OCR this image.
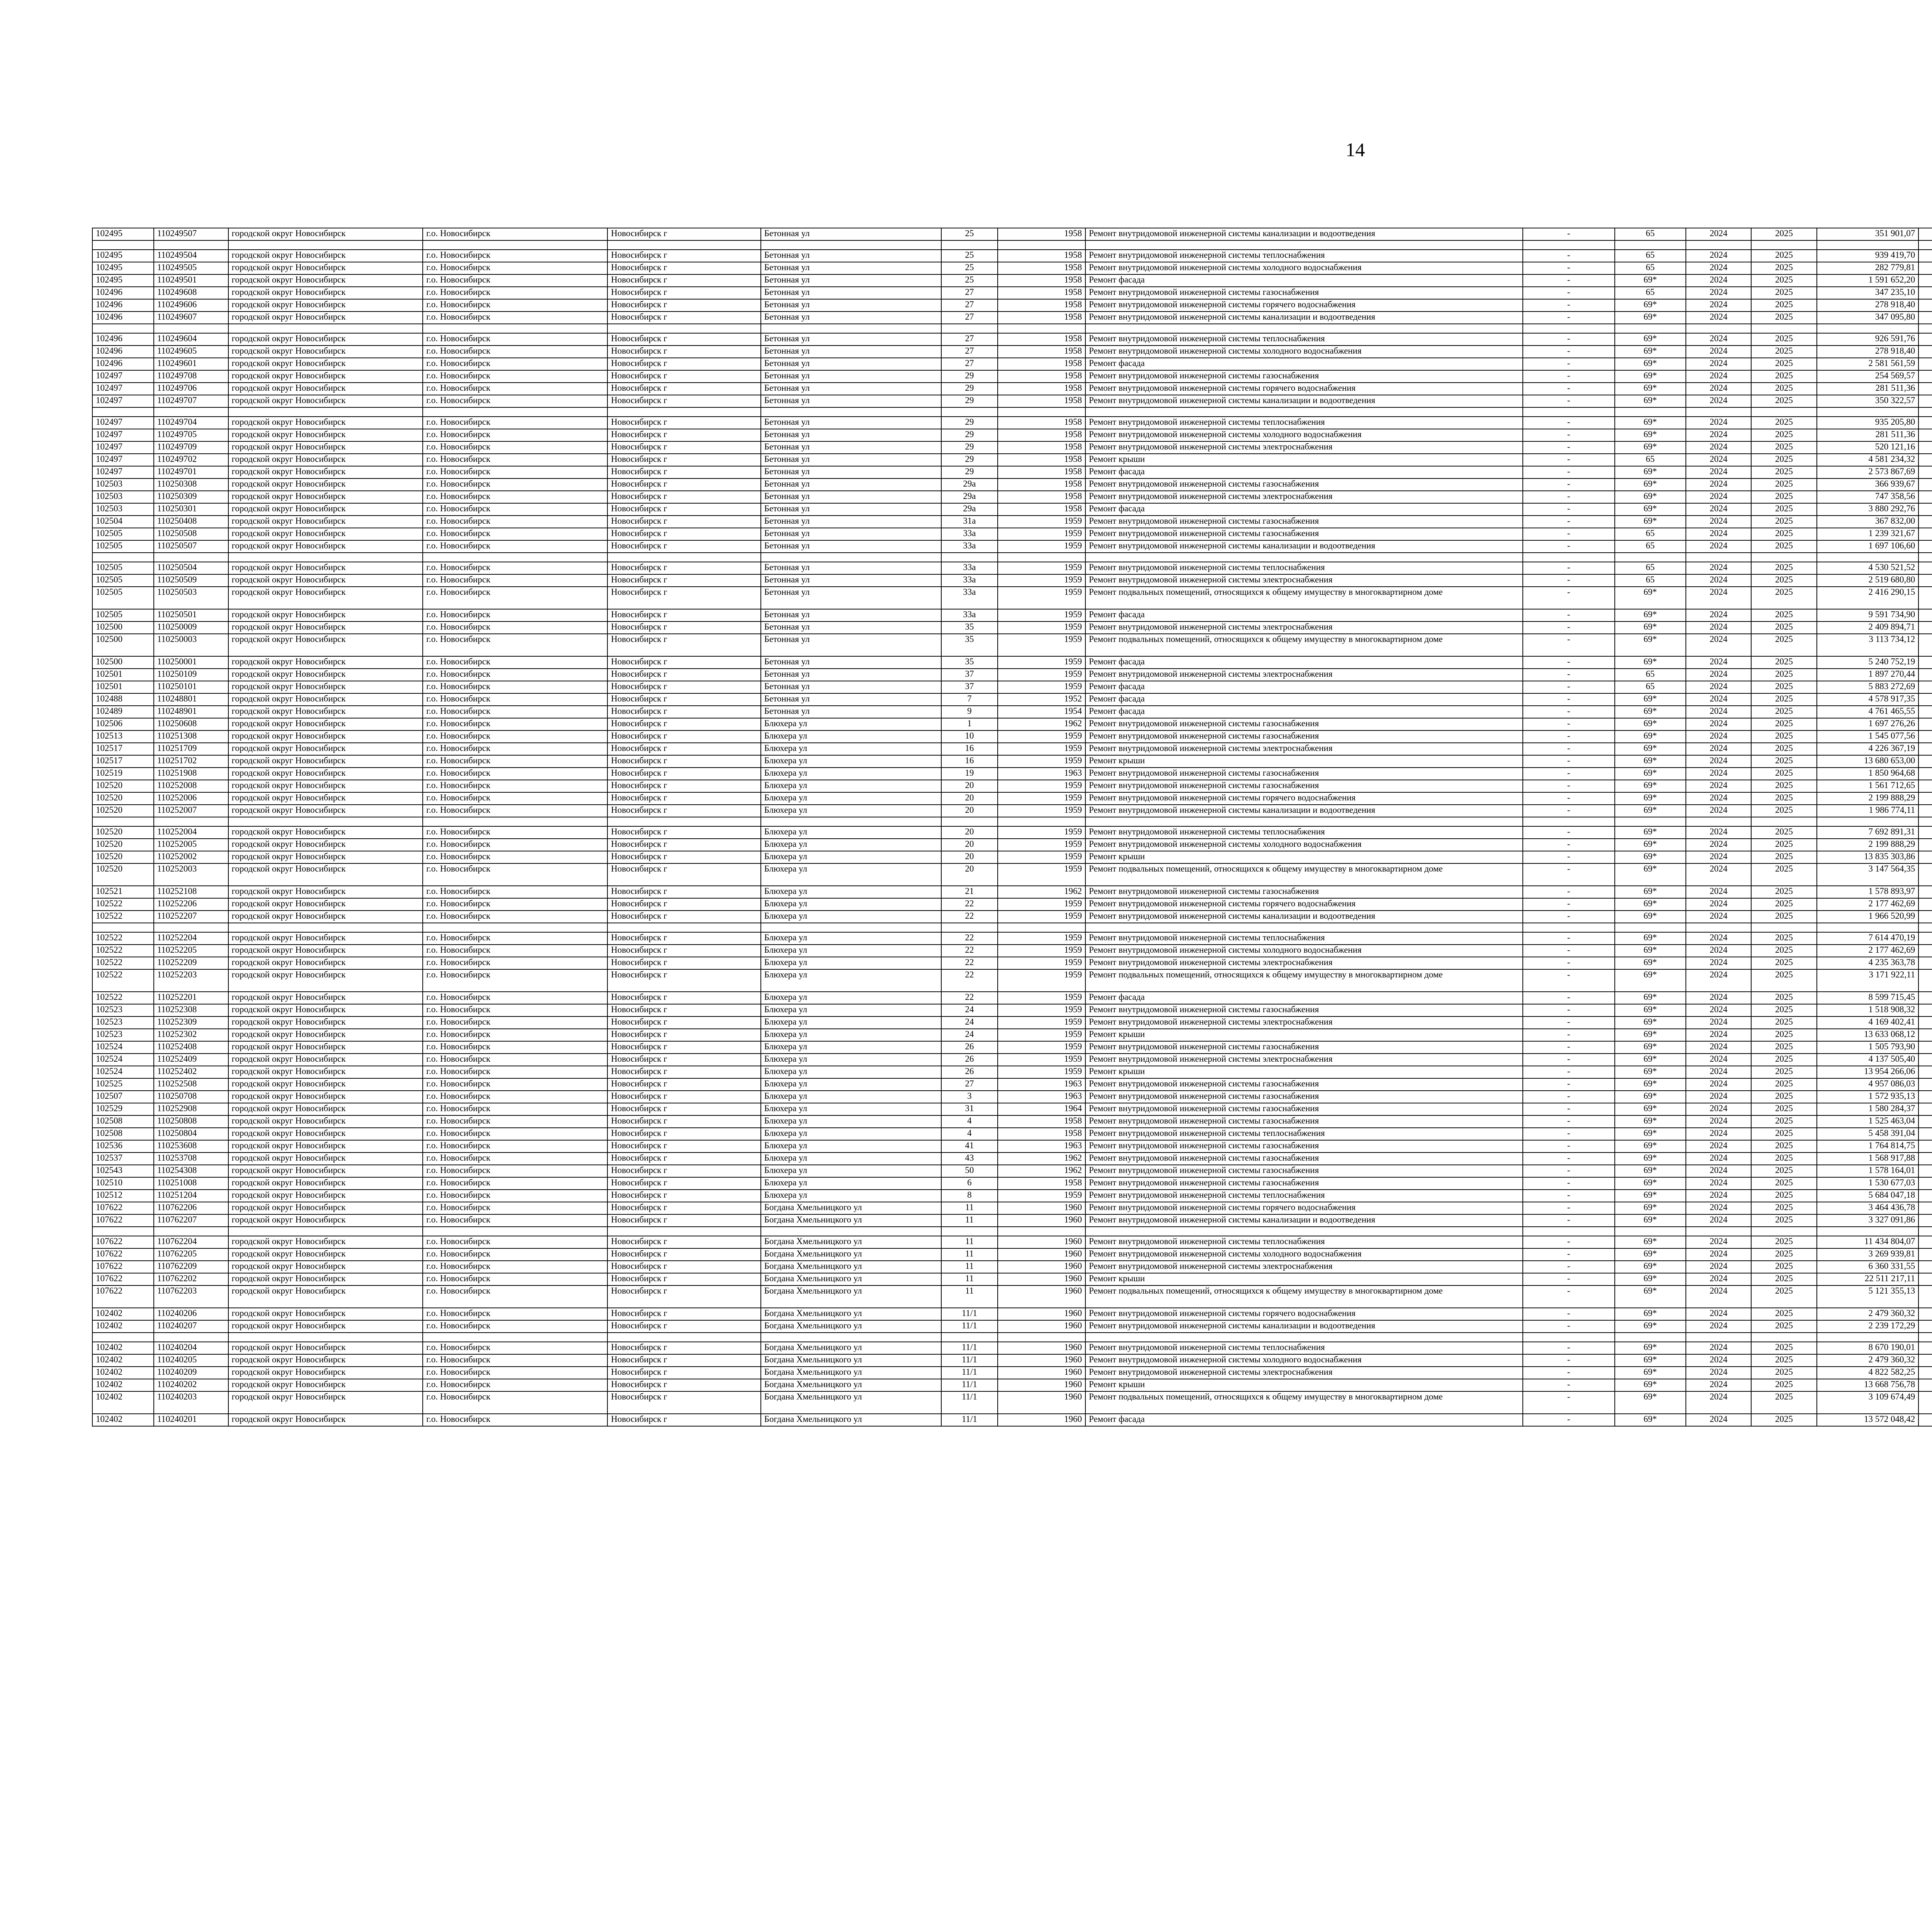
14
102495	110249507	городской округ Новосибирск	г.о. Новосибирск	Новосибирск г	Бетонная ул	25	1958	Ремонт внутридомовой инженерной системы канализации и водоотведения	-	65	2024	2025	351 901,07						

102495	110249504	городской округ Новосибирск	г.о. Новосибирск	Новосибирск г	Бетонная ул	25	1958	Ремонт внутридомовой инженерной системы теплоснабжения	-	65	2024	2025	939 419,70						
102495	110249505	городской округ Новосибирск	г.о. Новосибирск	Новосибирск г	Бетонная ул	25	1958	Ремонт внутридомовой инженерной системы холодного водоснабжения	-	65	2024	2025	282 779,81						
102495	110249501	городской округ Новосибирск	г.о. Новосибирск	Новосибирск г	Бетонная ул	25	1958	Ремонт фасада	-	69*	2024	2025	1 591 652,20						
102496	110249608	городской округ Новосибирск	г.о. Новосибирск	Новосибирск г	Бетонная ул	27	1958	Ремонт внутридомовой инженерной системы газоснабжения	-	65	2024	2025	347 235,10						
102496	110249606	городской округ Новосибирск	г.о. Новосибирск	Новосибирск г	Бетонная ул	27	1958	Ремонт внутридомовой инженерной системы горячего водоснабжения	-	69*	2024	2025	278 918,40						
102496	110249607	городской округ Новосибирск	г.о. Новосибирск	Новосибирск г	Бетонная ул	27	1958	Ремонт внутридомовой инженерной системы канализации и водоотведения	-	69*	2024	2025	347 095,80						

102496	110249604	городской округ Новосибирск	г.о. Новосибирск	Новосибирск г	Бетонная ул	27	1958	Ремонт внутридомовой инженерной системы теплоснабжения	-	69*	2024	2025	926 591,76						
102496	110249605	городской округ Новосибирск	г.о. Новосибирск	Новосибирск г	Бетонная ул	27	1958	Ремонт внутридомовой инженерной системы холодного водоснабжения	-	69*	2024	2025	278 918,40						
102496	110249601	городской округ Новосибирск	г.о. Новосибирск	Новосибирск г	Бетонная ул	27	1958	Ремонт фасада	-	69*	2024	2025	2 581 561,59						
102497	110249708	городской округ Новосибирск	г.о. Новосибирск	Новосибирск г	Бетонная ул	29	1958	Ремонт внутридомовой инженерной системы газоснабжения	-	69*	2024	2025	254 569,57						
102497	110249706	городской округ Новосибирск	г.о. Новосибирск	Новосибирск г	Бетонная ул	29	1958	Ремонт внутридомовой инженерной системы горячего водоснабжения	-	69*	2024	2025	281 511,36						
102497	110249707	городской округ Новосибирск	г.о. Новосибирск	Новосибирск г	Бетонная ул	29	1958	Ремонт внутридомовой инженерной системы канализации и водоотведения	-	69*	2024	2025	350 322,57						

102497	110249704	городской округ Новосибирск	г.о. Новосибирск	Новосибирск г	Бетонная ул	29	1958	Ремонт внутридомовой инженерной системы теплоснабжения	-	69*	2024	2025	935 205,80						
102497	110249705	городской округ Новосибирск	г.о. Новосибирск	Новосибирск г	Бетонная ул	29	1958	Ремонт внутридомовой инженерной системы холодного водоснабжения	-	69*	2024	2025	281 511,36						
102497	110249709	городской округ Новосибирск	г.о. Новосибирск	Новосибирск г	Бетонная ул	29	1958	Ремонт внутридомовой инженерной системы электроснабжения	-	69*	2024	2025	520 121,16						
102497	110249702	городской округ Новосибирск	г.о. Новосибирск	Новосибирск г	Бетонная ул	29	1958	Ремонт крыши	-	65	2024	2025	4 581 234,32						
102497	110249701	городской округ Новосибирск	г.о. Новосибирск	Новосибирск г	Бетонная ул	29	1958	Ремонт фасада	-	69*	2024	2025	2 573 867,69						
102503	110250308	городской округ Новосибирск	г.о. Новосибирск	Новосибирск г	Бетонная ул	29а	1958	Ремонт внутридомовой инженерной системы газоснабжения	-	69*	2024	2025	366 939,67						
102503	110250309	городской округ Новосибирск	г.о. Новосибирск	Новосибирск г	Бетонная ул	29а	1958	Ремонт внутридомовой инженерной системы электроснабжения	-	69*	2024	2025	747 358,56						
102503	110250301	городской округ Новосибирск	г.о. Новосибирск	Новосибирск г	Бетонная ул	29а	1958	Ремонт фасада	-	69*	2024	2025	3 880 292,76						
102504	110250408	городской округ Новосибирск	г.о. Новосибирск	Новосибирск г	Бетонная ул	31а	1959	Ремонт внутридомовой инженерной системы газоснабжения	-	69*	2024	2025	367 832,00						
102505	110250508	городской округ Новосибирск	г.о. Новосибирск	Новосибирск г	Бетонная ул	33а	1959	Ремонт внутридомовой инженерной системы газоснабжения	-	65	2024	2025	1 239 321,67						
102505	110250507	городской округ Новосибирск	г.о. Новосибирск	Новосибирск г	Бетонная ул	33а	1959	Ремонт внутридомовой инженерной системы канализации и водоотведения	-	65	2024	2025	1 697 106,60						

102505	110250504	городской округ Новосибирск	г.о. Новосибирск	Новосибирск г	Бетонная ул	33а	1959	Ремонт внутридомовой инженерной системы теплоснабжения	-	65	2024	2025	4 530 521,52						
102505	110250509	городской округ Новосибирск	г.о. Новосибирск	Новосибирск г	Бетонная ул	33а	1959	Ремонт внутридомовой инженерной системы электроснабжения	-	65	2024	2025	2 519 680,80						
102505	110250503	городской округ Новосибирск	г.о. Новосибирск	Новосибирск г	Бетонная ул	33а	1959	Ремонт подвальных помещений, относящихся к общему имуществу в многоквартирном доме	-	69*	2024	2025	2 416 290,15						
102505	110250501	городской округ Новосибирск	г.о. Новосибирск	Новосибирск г	Бетонная ул	33а	1959	Ремонт фасада	-	69*	2024	2025	9 591 734,90						
102500	110250009	городской округ Новосибирск	г.о. Новосибирск	Новосибирск г	Бетонная ул	35	1959	Ремонт внутридомовой инженерной системы электроснабжения	-	69*	2024	2025	2 409 894,71						
102500	110250003	городской округ Новосибирск	г.о. Новосибирск	Новосибирск г	Бетонная ул	35	1959	Ремонт подвальных помещений, относящихся к общему имуществу в многоквартирном доме	-	69*	2024	2025	3 113 734,12						
102500	110250001	городской округ Новосибирск	г.о. Новосибирск	Новосибирск г	Бетонная ул	35	1959	Ремонт фасада	-	69*	2024	2025	5 240 752,19						
102501	110250109	городской округ Новосибирск	г.о. Новосибирск	Новосибирск г	Бетонная ул	37	1959	Ремонт внутридомовой инженерной системы электроснабжения	-	65	2024	2025	1 897 270,44						
102501	110250101	городской округ Новосибирск	г.о. Новосибирск	Новосибирск г	Бетонная ул	37	1959	Ремонт фасада	-	65	2024	2025	5 883 272,69						
102488	110248801	городской округ Новосибирск	г.о. Новосибирск	Новосибирск г	Бетонная ул	7	1952	Ремонт фасада	-	69*	2024	2025	4 578 917,35						
102489	110248901	городской округ Новосибирск	г.о. Новосибирск	Новосибирск г	Бетонная ул	9	1954	Ремонт фасада	-	69*	2024	2025	4 761 465,55						
102506	110250608	городской округ Новосибирск	г.о. Новосибирск	Новосибирск г	Блюхера ул	1	1962	Ремонт внутридомовой инженерной системы газоснабжения	-	69*	2024	2025	1 697 276,26						
102513	110251308	городской округ Новосибирск	г.о. Новосибирск	Новосибирск г	Блюхера ул	10	1959	Ремонт внутридомовой инженерной системы газоснабжения	-	69*	2024	2025	1 545 077,56						
102517	110251709	городской округ Новосибирск	г.о. Новосибирск	Новосибирск г	Блюхера ул	16	1959	Ремонт внутридомовой инженерной системы электроснабжения	-	69*	2024	2025	4 226 367,19						
102517	110251702	городской округ Новосибирск	г.о. Новосибирск	Новосибирск г	Блюхера ул	16	1959	Ремонт крыши	-	69*	2024	2025	13 680 653,00						
102519	110251908	городской округ Новосибирск	г.о. Новосибирск	Новосибирск г	Блюхера ул	19	1963	Ремонт внутридомовой инженерной системы газоснабжения	-	69*	2024	2025	1 850 964,68						
102520	110252008	городской округ Новосибирск	г.о. Новосибирск	Новосибирск г	Блюхера ул	20	1959	Ремонт внутридомовой инженерной системы газоснабжения	-	69*	2024	2025	1 561 712,65						
102520	110252006	городской округ Новосибирск	г.о. Новосибирск	Новосибирск г	Блюхера ул	20	1959	Ремонт внутридомовой инженерной системы горячего водоснабжения	-	69*	2024	2025	2 199 888,29						
102520	110252007	городской округ Новосибирск	г.о. Новосибирск	Новосибирск г	Блюхера ул	20	1959	Ремонт внутридомовой инженерной системы канализации и водоотведения	-	69*	2024	2025	1 986 774,11						

102520	110252004	городской округ Новосибирск	г.о. Новосибирск	Новосибирск г	Блюхера ул	20	1959	Ремонт внутридомовой инженерной системы теплоснабжения	-	69*	2024	2025	7 692 891,31						
102520	110252005	городской округ Новосибирск	г.о. Новосибирск	Новосибирск г	Блюхера ул	20	1959	Ремонт внутридомовой инженерной системы холодного водоснабжения	-	69*	2024	2025	2 199 888,29						
102520	110252002	городской округ Новосибирск	г.о. Новосибирск	Новосибирск г	Блюхера ул	20	1959	Ремонт крыши	-	69*	2024	2025	13 835 303,86						
102520	110252003	городской округ Новосибирск	г.о. Новосибирск	Новосибирск г	Блюхера ул	20	1959	Ремонт подвальных помещений, относящихся к общему имуществу в многоквартирном доме	-	69*	2024	2025	3 147 564,35						
102521	110252108	городской округ Новосибирск	г.о. Новосибирск	Новосибирск г	Блюхера ул	21	1962	Ремонт внутридомовой инженерной системы газоснабжения	-	69*	2024	2025	1 578 893,97						
102522	110252206	городской округ Новосибирск	г.о. Новосибирск	Новосибирск г	Блюхера ул	22	1959	Ремонт внутридомовой инженерной системы горячего водоснабжения	-	69*	2024	2025	2 177 462,69						
102522	110252207	городской округ Новосибирск	г.о. Новосибирск	Новосибирск г	Блюхера ул	22	1959	Ремонт внутридомовой инженерной системы канализации и водоотведения	-	69*	2024	2025	1 966 520,99						

102522	110252204	городской округ Новосибирск	г.о. Новосибирск	Новосибирск г	Блюхера ул	22	1959	Ремонт внутридомовой инженерной системы теплоснабжения	-	69*	2024	2025	7 614 470,19						
102522	110252205	городской округ Новосибирск	г.о. Новосибирск	Новосибирск г	Блюхера ул	22	1959	Ремонт внутридомовой инженерной системы холодного водоснабжения	-	69*	2024	2025	2 177 462,69						
102522	110252209	городской округ Новосибирск	г.о. Новосибирск	Новосибирск г	Блюхера ул	22	1959	Ремонт внутридомовой инженерной системы электроснабжения	-	69*	2024	2025	4 235 363,78						
102522	110252203	городской округ Новосибирск	г.о. Новосибирск	Новосибирск г	Блюхера ул	22	1959	Ремонт подвальных помещений, относящихся к общему имуществу в многоквартирном доме	-	69*	2024	2025	3 171 922,11						
102522	110252201	городской округ Новосибирск	г.о. Новосибирск	Новосибирск г	Блюхера ул	22	1959	Ремонт фасада	-	69*	2024	2025	8 599 715,45						
102523	110252308	городской округ Новосибирск	г.о. Новосибирск	Новосибирск г	Блюхера ул	24	1959	Ремонт внутридомовой инженерной системы газоснабжения	-	69*	2024	2025	1 518 908,32						
102523	110252309	городской округ Новосибирск	г.о. Новосибирск	Новосибирск г	Блюхера ул	24	1959	Ремонт внутридомовой инженерной системы электроснабжения	-	69*	2024	2025	4 169 402,41						
102523	110252302	городской округ Новосибирск	г.о. Новосибирск	Новосибирск г	Блюхера ул	24	1959	Ремонт крыши	-	69*	2024	2025	13 633 068,12						
102524	110252408	городской округ Новосибирск	г.о. Новосибирск	Новосибирск г	Блюхера ул	26	1959	Ремонт внутридомовой инженерной системы газоснабжения	-	69*	2024	2025	1 505 793,90						
102524	110252409	городской округ Новосибирск	г.о. Новосибирск	Новосибирск г	Блюхера ул	26	1959	Ремонт внутридомовой инженерной системы электроснабжения	-	69*	2024	2025	4 137 505,40						
102524	110252402	городской округ Новосибирск	г.о. Новосибирск	Новосибирск г	Блюхера ул	26	1959	Ремонт крыши	-	69*	2024	2025	13 954 266,06						
102525	110252508	городской округ Новосибирск	г.о. Новосибирск	Новосибирск г	Блюхера ул	27	1963	Ремонт внутридомовой инженерной системы газоснабжения	-	69*	2024	2025	4 957 086,03						
102507	110250708	городской округ Новосибирск	г.о. Новосибирск	Новосибирск г	Блюхера ул	3	1963	Ремонт внутридомовой инженерной системы газоснабжения	-	69*	2024	2025	1 572 935,13						
102529	110252908	городской округ Новосибирск	г.о. Новосибирск	Новосибирск г	Блюхера ул	31	1964	Ремонт внутридомовой инженерной системы газоснабжения	-	69*	2024	2025	1 580 284,37						
102508	110250808	городской округ Новосибирск	г.о. Новосибирск	Новосибирск г	Блюхера ул	4	1958	Ремонт внутридомовой инженерной системы газоснабжения	-	69*	2024	2025	1 525 463,04						
102508	110250804	городской округ Новосибирск	г.о. Новосибирск	Новосибирск г	Блюхера ул	4	1958	Ремонт внутридомовой инженерной системы теплоснабжения	-	69*	2024	2025	5 458 391,04						
102536	110253608	городской округ Новосибирск	г.о. Новосибирск	Новосибирск г	Блюхера ул	41	1963	Ремонт внутридомовой инженерной системы газоснабжения	-	69*	2024	2025	1 764 814,75						
102537	110253708	городской округ Новосибирск	г.о. Новосибирск	Новосибирск г	Блюхера ул	43	1962	Ремонт внутридомовой инженерной системы газоснабжения	-	69*	2024	2025	1 568 917,88						
102543	110254308	городской округ Новосибирск	г.о. Новосибирск	Новосибирск г	Блюхера ул	50	1962	Ремонт внутридомовой инженерной системы газоснабжения	-	69*	2024	2025	1 578 164,01						
102510	110251008	городской округ Новосибирск	г.о. Новосибирск	Новосибирск г	Блюхера ул	6	1958	Ремонт внутридомовой инженерной системы газоснабжения	-	69*	2024	2025	1 530 677,03						
102512	110251204	городской округ Новосибирск	г.о. Новосибирск	Новосибирск г	Блюхера ул	8	1959	Ремонт внутридомовой инженерной системы теплоснабжения	-	69*	2024	2025	5 684 047,18						
107622	110762206	городской округ Новосибирск	г.о. Новосибирск	Новосибирск г	Богдана Хмельницкого ул	11	1960	Ремонт внутридомовой инженерной системы горячего водоснабжения	-	69*	2024	2025	3 464 436,78						
107622	110762207	городской округ Новосибирск	г.о. Новосибирск	Новосибирск г	Богдана Хмельницкого ул	11	1960	Ремонт внутридомовой инженерной системы канализации и водоотведения	-	69*	2024	2025	3 327 091,86						

107622	110762204	городской округ Новосибирск	г.о. Новосибирск	Новосибирск г	Богдана Хмельницкого ул	11	1960	Ремонт внутридомовой инженерной системы теплоснабжения	-	69*	2024	2025	11 434 804,07						
107622	110762205	городской округ Новосибирск	г.о. Новосибирск	Новосибирск г	Богдана Хмельницкого ул	11	1960	Ремонт внутридомовой инженерной системы холодного водоснабжения	-	69*	2024	2025	3 269 939,81						
107622	110762209	городской округ Новосибирск	г.о. Новосибирск	Новосибирск г	Богдана Хмельницкого ул	11	1960	Ремонт внутридомовой инженерной системы электроснабжения	-	69*	2024	2025	6 360 331,55						
107622	110762202	городской округ Новосибирск	г.о. Новосибирск	Новосибирск г	Богдана Хмельницкого ул	11	1960	Ремонт крыши	-	69*	2024	2025	22 511 217,11						
107622	110762203	городской округ Новосибирск	г.о. Новосибирск	Новосибирск г	Богдана Хмельницкого ул	11	1960	Ремонт подвальных помещений, относящихся к общему имуществу в многоквартирном доме	-	69*	2024	2025	5 121 355,13						
102402	110240206	городской округ Новосибирск	г.о. Новосибирск	Новосибирск г	Богдана Хмельницкого ул	11/1	1960	Ремонт внутридомовой инженерной системы горячего водоснабжения	-	69*	2024	2025	2 479 360,32						
102402	110240207	городской округ Новосибирск	г.о. Новосибирск	Новосибирск г	Богдана Хмельницкого ул	11/1	1960	Ремонт внутридомовой инженерной системы канализации и водоотведения	-	69*	2024	2025	2 239 172,29						

102402	110240204	городской округ Новосибирск	г.о. Новосибирск	Новосибирск г	Богдана Хмельницкого ул	11/1	1960	Ремонт внутридомовой инженерной системы теплоснабжения	-	69*	2024	2025	8 670 190,01						
102402	110240205	городской округ Новосибирск	г.о. Новосибирск	Новосибирск г	Богдана Хмельницкого ул	11/1	1960	Ремонт внутридомовой инженерной системы холодного водоснабжения	-	69*	2024	2025	2 479 360,32						
102402	110240209	городской округ Новосибирск	г.о. Новосибирск	Новосибирск г	Богдана Хмельницкого ул	11/1	1960	Ремонт внутридомовой инженерной системы электроснабжения	-	69*	2024	2025	4 822 582,25						
102402	110240202	городской округ Новосибирск	г.о. Новосибирск	Новосибирск г	Богдана Хмельницкого ул	11/1	1960	Ремонт крыши	-	69*	2024	2025	13 668 756,78						
102402	110240203	городской округ Новосибирск	г.о. Новосибирск	Новосибирск г	Богдана Хмельницкого ул	11/1	1960	Ремонт подвальных помещений, относящихся к общему имуществу в многоквартирном доме	-	69*	2024	2025	3 109 674,49						
102402	110240201	городской округ Новосибирск	г.о. Новосибирск	Новосибирск г	Богдана Хмельницкого ул	11/1	1960	Ремонт фасада	-	69*	2024	2025	13 572 048,42						
